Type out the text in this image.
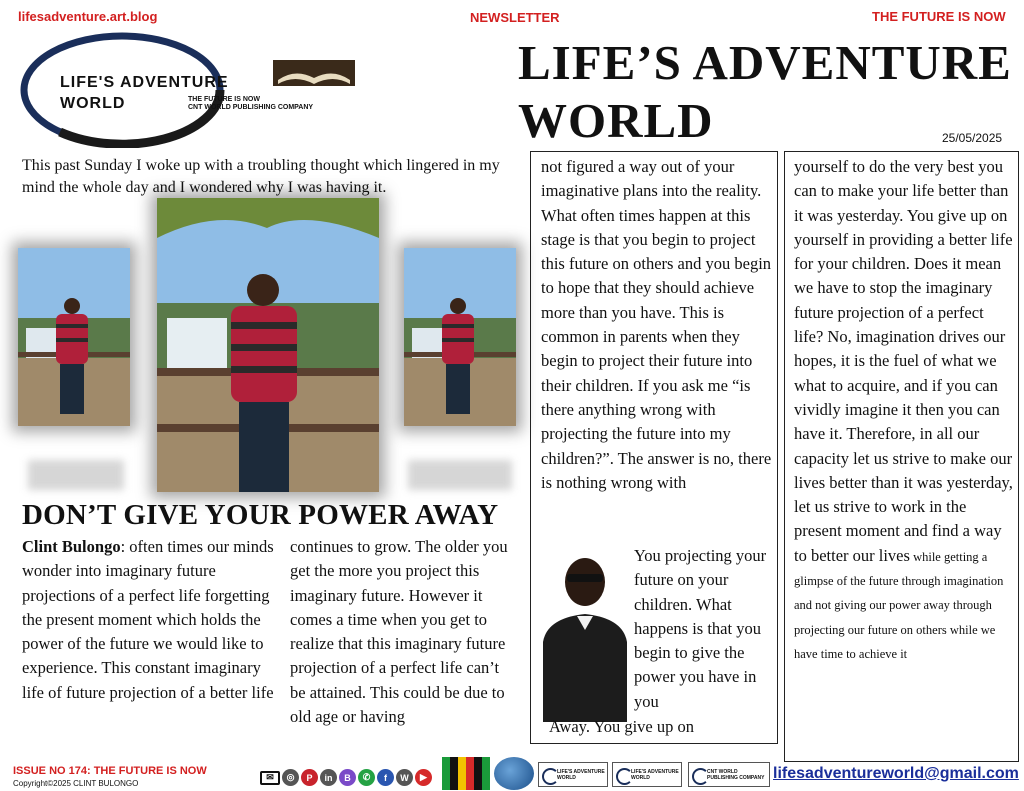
lifesadventure.art.blog	NEWSLETTER	THE FUTURE IS NOW
LIFE'S ADVENTURE
WORLD	THE FUTURE IS NOW
CNT WORLD PUBLISHING COMPANY
LIFE’S ADVENTURE
WORLD	25/05/2025
This past Sunday I woke up with a troubling thought which lingered in my mind the whole day and I wondered why I was having it.
DON’T GIVE YOUR POWER AWAY
Clint Bulongo: often times our minds wonder into imaginary future projections of a perfect life forgetting the present moment which holds the power of the future we would like to experience. This constant imaginary life of future projection of a better life
continues to grow. The older you get the more you project this imaginary future. However it comes a time when you get to realize that this imaginary future projection of a perfect life can’t be attained. This could be due to old age or having
not figured a way out of your imaginative plans into the reality. What often times happen at this stage is that you begin to project this future on others and you begin to hope that they should achieve more than you have. This is common in parents when they begin to project their future into their children. If you ask me “is there anything wrong with projecting the future into my children?”. The answer is no, there is nothing wrong with
You projecting your future on your children. What happens is that you begin to give the power you have in you
Away. You give up on
yourself to do the very best you can to make your life better than it was yesterday. You give up on yourself in providing a better life for your children. Does it mean we have to stop the imaginary future projection of a perfect life? No, imagination drives our hopes, it is the fuel of what we what to acquire, and if you can vividly imagine it then you can have it. Therefore, in all our capacity let us strive to make our lives better than it was yesterday, let us strive to work in the present moment and find a way to better our lives while getting a glimpse of the future through imagination and not giving our power away through projecting our future on others while we have time to achieve it
ISSUE NO 174: THE FUTURE IS NOW
Copyright©2025 CLINT BULONGO
✉	◎	P	in	B	✆	f	W	▶
LIFE'S ADVENTURE WORLD
LIFE'S ADVENTURE WORLD
CNT WORLD PUBLISHING COMPANY lifesadventureworld@gmail.com
